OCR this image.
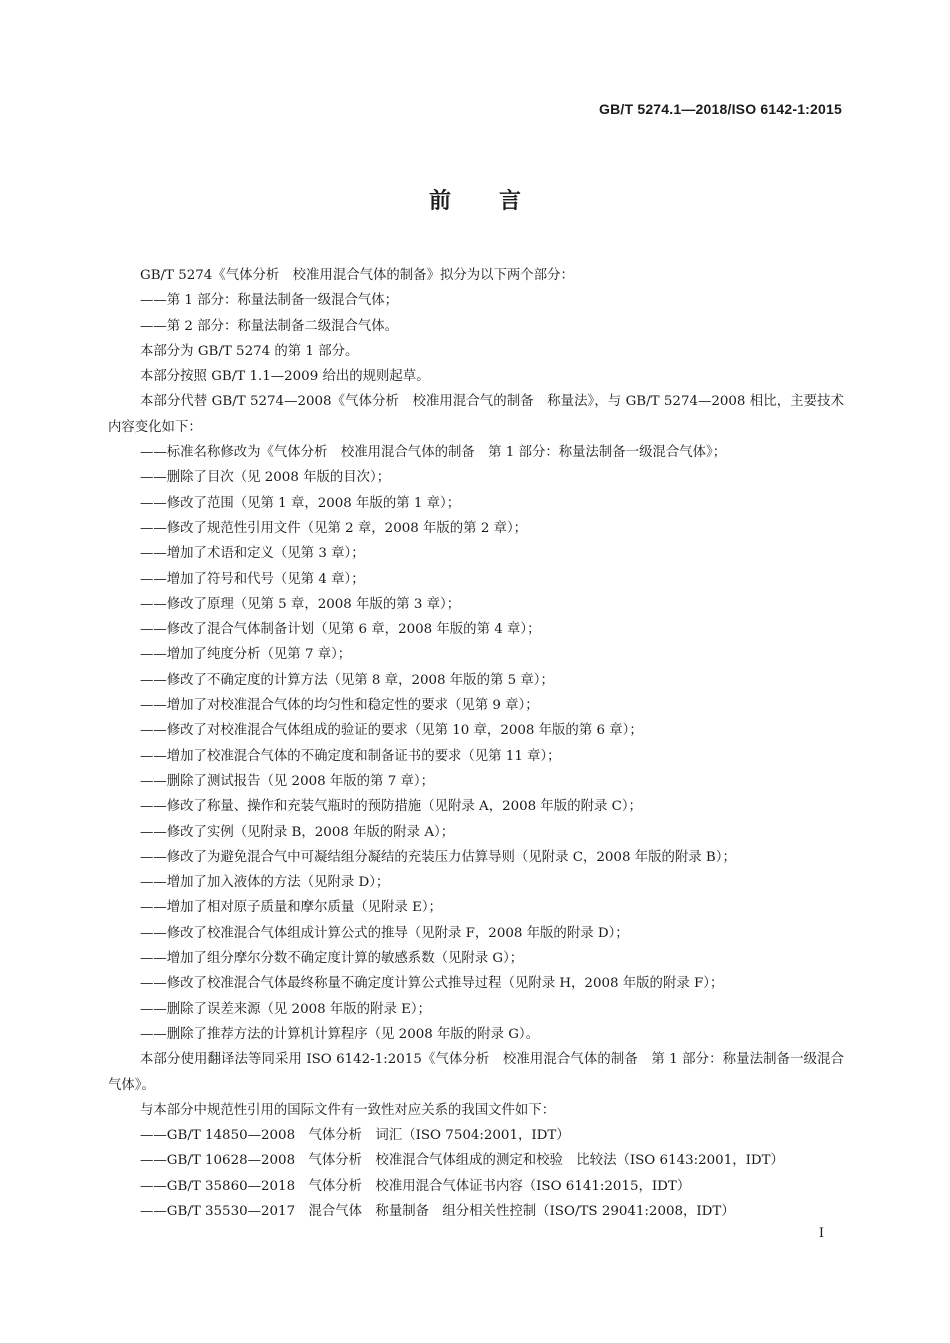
GB/T 5274.1—2018/ISO 6142-1:2015
前言

GB/T 5274《气体分析　校准用混合气体的制备》拟分为以下两个部分：

——第 1 部分：称量法制备一级混合气体；

——第 2 部分：称量法制备二级混合气体。

本部分为 GB/T 5274 的第 1 部分。

本部分按照 GB/T 1.1—2009 给出的规则起草。

本部分代替 GB/T 5274—2008《气体分析　校准用混合气的制备　称量法》，与 GB/T 5274—2008 相比，主要技术内容变化如下：

——标准名称修改为《气体分析　校准用混合气体的制备　第 1 部分：称量法制备一级混合气体》；

——删除了目次（见 2008 年版的目次）；

——修改了范围（见第 1 章，2008 年版的第 1 章）；

——修改了规范性引用文件（见第 2 章，2008 年版的第 2 章）；

——增加了术语和定义（见第 3 章）；

——增加了符号和代号（见第 4 章）；

——修改了原理（见第 5 章，2008 年版的第 3 章）；

——修改了混合气体制备计划（见第 6 章，2008 年版的第 4 章）；

——增加了纯度分析（见第 7 章）；

——修改了不确定度的计算方法（见第 8 章，2008 年版的第 5 章）；

——增加了对校准混合气体的均匀性和稳定性的要求（见第 9 章）；

——修改了对校准混合气体组成的验证的要求（见第 10 章，2008 年版的第 6 章）；

——增加了校准混合气体的不确定度和制备证书的要求（见第 11 章）；

——删除了测试报告（见 2008 年版的第 7 章）；

——修改了称量、操作和充装气瓶时的预防措施（见附录 A，2008 年版的附录 C）；

——修改了实例（见附录 B，2008 年版的附录 A）；

——修改了为避免混合气中可凝结组分凝结的充装压力估算导则（见附录 C，2008 年版的附录 B）；

——增加了加入液体的方法（见附录 D）；

——增加了相对原子质量和摩尔质量（见附录 E）；

——修改了校准混合气体组成计算公式的推导（见附录 F，2008 年版的附录 D）；

——增加了组分摩尔分数不确定度计算的敏感系数（见附录 G）；

——修改了校准混合气体最终称量不确定度计算公式推导过程（见附录 H，2008 年版的附录 F）；

——删除了误差来源（见 2008 年版的附录 E）；

——删除了推荐方法的计算机计算程序（见 2008 年版的附录 G）。

本部分使用翻译法等同采用 ISO 6142-1:2015《气体分析　校准用混合气体的制备　第 1 部分：称量法制备一级混合气体》。

与本部分中规范性引用的国际文件有一致性对应关系的我国文件如下：

——GB/T 14850—2008　气体分析　词汇（ISO 7504:2001，IDT）

——GB/T 10628—2008　气体分析　校准混合气体组成的测定和校验　比较法（ISO 6143:2001，IDT）

——GB/T 35860—2018　气体分析　校准用混合气体证书内容（ISO 6141:2015，IDT）

——GB/T 35530—2017　混合气体　称量制备　组分相关性控制（ISO/TS 29041:2008，IDT）

I
